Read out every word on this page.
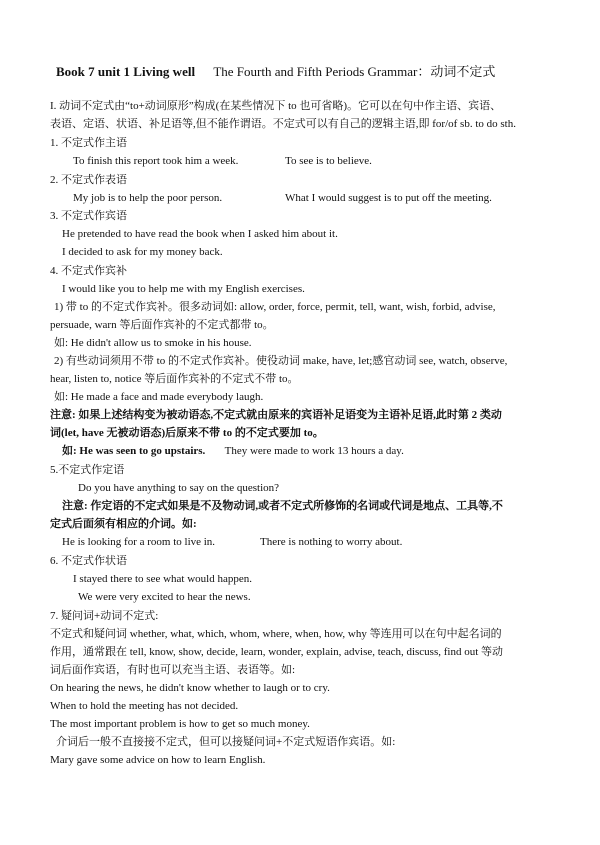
Book 7 unit 1 Living well The Fourth and Fifth Periods Grammar：动词不定式
I. 动词不定式由“to+动词原形”构成(在某些情况下 to 也可省略)。它可以在句中作主语、宾语、
表语、定语、状语、补足语等,但不能作谓语。不定式可以有自己的逻辑主语,即 for/of sb. to do sth.
1. 不定式作主语
To finish this report took him a week.	To see is to believe.
2. 不定式作表语
My job is to help the poor person.	What I would suggest is to put off the meeting.
3. 不定式作宾语
He pretended to have read the book when I asked him about it.
I decided to ask for my money back.
4. 不定式作宾补
I would like you to help me with my English exercises.
1) 带 to 的不定式作宾补。很多动词如: allow, order, force, permit, tell, want, wish, forbid, advise,
persuade, warn 等后面作宾补的不定式都带 to。
如: He didn't allow us to smoke in his house.
2) 有些动词须用不带 to 的不定式作宾补。使役动词 make, have, let;感官动词 see, watch, observe,
hear, listen to, notice 等后面作宾补的不定式不带 to。
如: He made a face and made everybody laugh.
注意: 如果上述结构变为被动语态,不定式就由原来的宾语补足语变为主语补足语,此时第 2 类动
词(let, have 无被动语态)后原来不带 to 的不定式要加 to。
如: He was seen to go upstairs. They were made to work 13 hours a day.
5.不定式作定语
Do you have anything to say on the question?
注意: 作定语的不定式如果是不及物动词,或者不定式所修饰的名词或代词是地点、工具等,不
定式后面须有相应的介词。如:
He is looking for a room to live in.	There is nothing to worry about.
6. 不定式作状语
I stayed there to see what would happen.
We were very excited to hear the news.
7. 疑问词+动词不定式:
不定式和疑问词 whether, what, which, whom, where, when, how, why 等连用可以在句中起名词的
作用，通常跟在 tell, know, show, decide, learn, wonder, explain, advise, teach, discuss, find out 等动
词后面作宾语，有时也可以充当主语、表语等。如:
On hearing the news, he didn't know whether to laugh or to cry.
When to hold the meeting has not decided.
The most important problem is how to get so much money.
介词后一般不直接接不定式，但可以接疑问词+不定式短语作宾语。如:
Mary gave some advice on how to learn English.
